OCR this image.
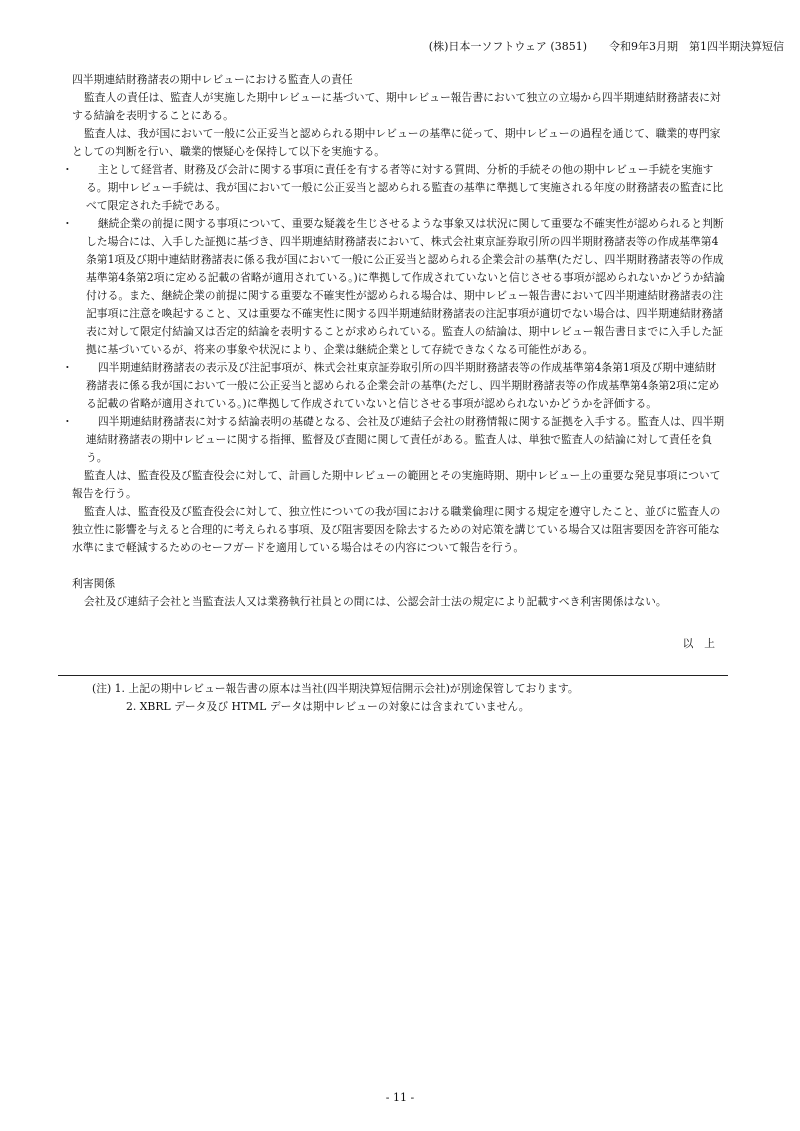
(株)日本一ソフトウェア (3851)　　令和9年3月期　第1四半期決算短信

四半期連結財務諸表の期中レビューにおける監査人の責任

監査人の責任は、監査人が実施した期中レビューに基づいて、期中レビュー報告書において独立の立場から四半期連結財務諸表に対する結論を表明することにある。

監査人は、我が国において一般に公正妥当と認められる期中レビューの基準に従って、期中レビューの過程を通じて、職業的専門家としての判断を行い、職業的懐疑心を保持して以下を実施する。

・ 主として経営者、財務及び会計に関する事項に責任を有する者等に対する質問、分析的手続その他の期中レビュー手続を実施する。期中レビュー手続は、我が国において一般に公正妥当と認められる監査の基準に準拠して実施される年度の財務諸表の監査に比べて限定された手続である。
・ 継続企業の前提に関する事項について、重要な疑義を生じさせるような事象又は状況に関して重要な不確実性が認められると判断した場合には、入手した証拠に基づき、四半期連結財務諸表において、株式会社東京証券取引所の四半期財務諸表等の作成基準第4条第1項及び期中連結財務諸表に係る我が国において一般に公正妥当と認められる企業会計の基準(ただし、四半期財務諸表等の作成基準第4条第2項に定める記載の省略が適用されている。)に準拠して作成されていないと信じさせる事項が認められないかどうか結論付ける。また、継続企業の前提に関する重要な不確実性が認められる場合は、期中レビュー報告書において四半期連結財務諸表の注記事項に注意を喚起すること、又は重要な不確実性に関する四半期連結財務諸表の注記事項が適切でない場合は、四半期連結財務諸表に対して限定付結論又は否定的結論を表明することが求められている。監査人の結論は、期中レビュー報告書日までに入手した証拠に基づいているが、将来の事象や状況により、企業は継続企業として存続できなくなる可能性がある。
・ 四半期連結財務諸表の表示及び注記事項が、株式会社東京証券取引所の四半期財務諸表等の作成基準第4条第1項及び期中連結財務諸表に係る我が国において一般に公正妥当と認められる企業会計の基準(ただし、四半期財務諸表等の作成基準第4条第2項に定める記載の省略が適用されている。)に準拠して作成されていないと信じさせる事項が認められないかどうかを評価する。
・ 四半期連結財務諸表に対する結論表明の基礎となる、会社及び連結子会社の財務情報に関する証拠を入手する。監査人は、四半期連結財務諸表の期中レビューに関する指揮、監督及び査閲に関して責任がある。監査人は、単独で監査人の結論に対して責任を負う。

監査人は、監査役及び監査役会に対して、計画した期中レビューの範囲とその実施時期、期中レビュー上の重要な発見事項について報告を行う。

監査人は、監査役及び監査役会に対して、独立性についての我が国における職業倫理に関する規定を遵守したこと、並びに監査人の独立性に影響を与えると合理的に考えられる事項、及び阻害要因を除去するための対応策を講じている場合又は阻害要因を許容可能な水準にまで軽減するためのセーフガードを適用している場合はその内容について報告を行う。

利害関係

会社及び連結子会社と当監査法人又は業務執行社員との間には、公認会計士法の規定により記載すべき利害関係はない。

以　上

(注) 1. 上記の期中レビュー報告書の原本は当社(四半期決算短信開示会社)が別途保管しております。

2. XBRL データ及び HTML データは期中レビューの対象には含まれていません。

- 11 -
